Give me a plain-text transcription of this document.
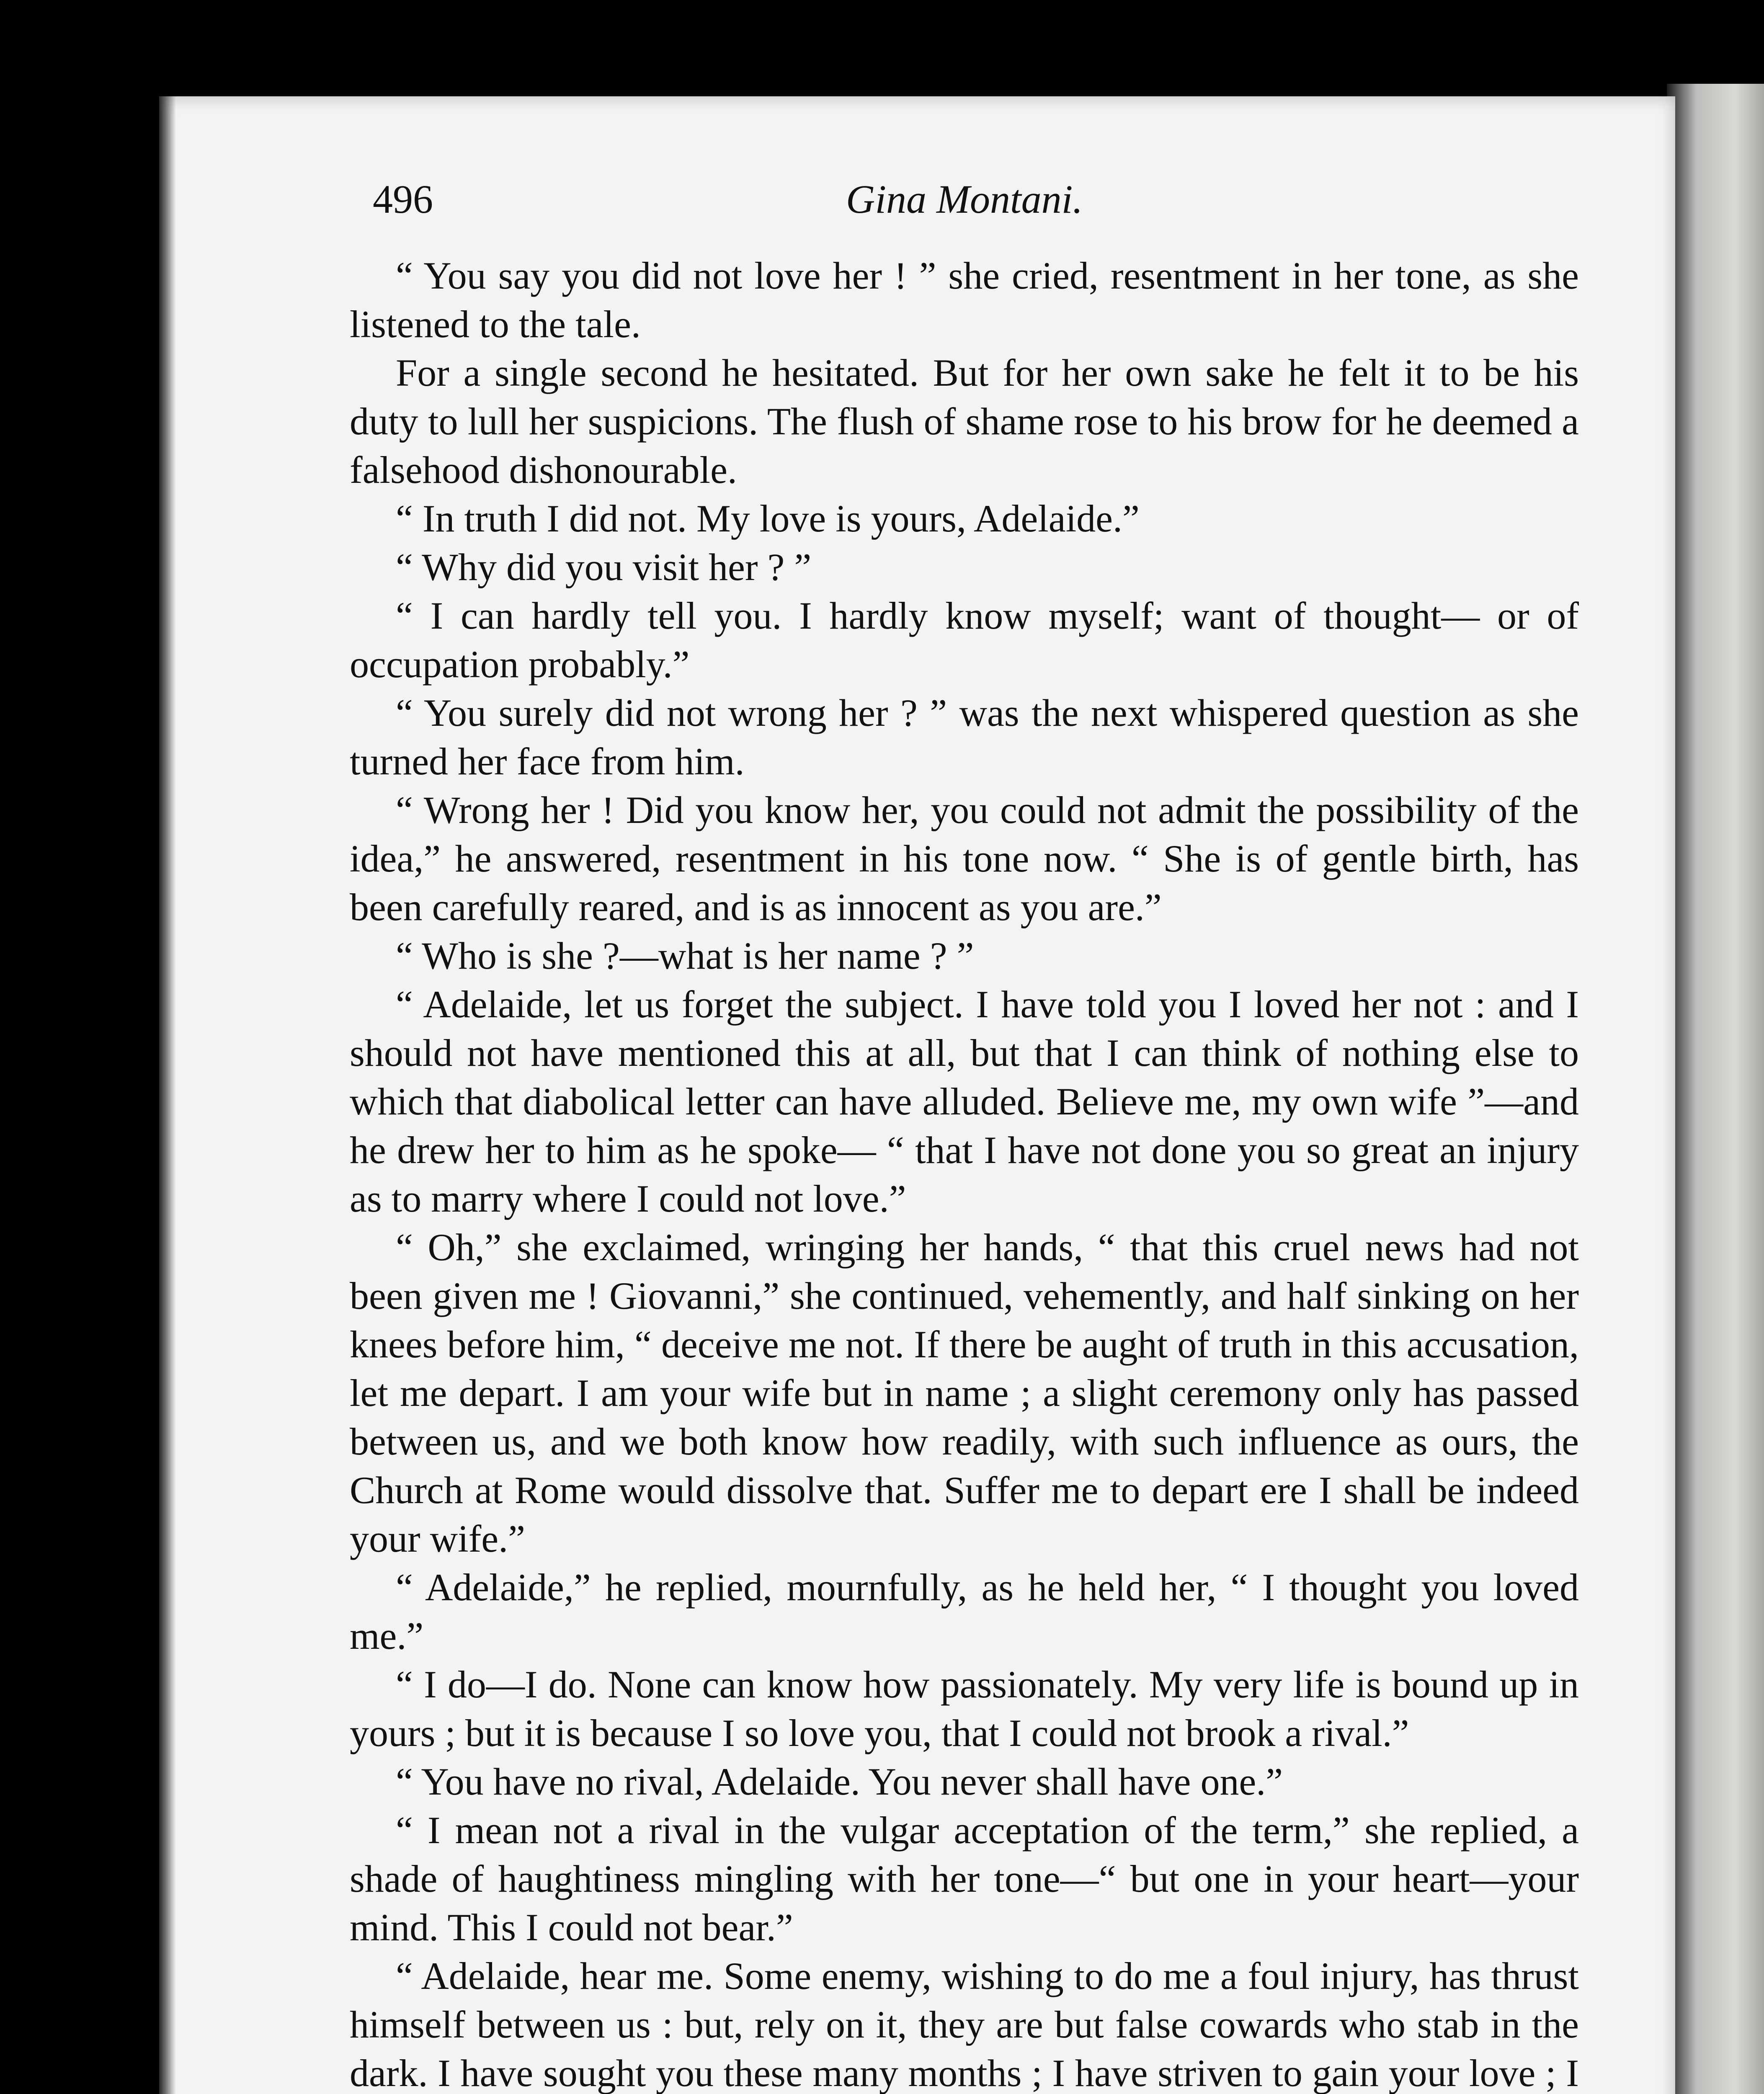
496	Gina Montani.

“ You say you did not love her ! ” she cried, resentment in her tone, as she listened to the tale.

For a single second he hesitated. But for her own sake he felt it to be his duty to lull her suspicions. The flush of shame rose to his brow for he deemed a falsehood dishonourable.

“ In truth I did not. My love is yours, Adelaide.”

“ Why did you visit her ? ”

“ I can hardly tell you. I hardly know myself; want of thought— or of occupation probably.”

“ You surely did not wrong her ? ” was the next whispered question as she turned her face from him.

“ Wrong her ! Did you know her, you could not admit the possibility of the idea,” he answered, resentment in his tone now. “ She is of gentle birth, has been carefully reared, and is as innocent as you are.”

“ Who is she ?—what is her name ? ”

“ Adelaide, let us forget the subject. I have told you I loved her not : and I should not have mentioned this at all, but that I can think of nothing else to which that diabolical letter can have alluded. Believe me, my own wife ”—and he drew her to him as he spoke— “ that I have not done you so great an injury as to marry where I could not love.”

“ Oh,” she exclaimed, wringing her hands, “ that this cruel news had not been given me ! Giovanni,” she continued, vehemently, and half sinking on her knees before him, “ deceive me not. If there be aught of truth in this accusation, let me depart. I am your wife but in name ; a slight ceremony only has passed between us, and we both know how readily, with such influence as ours, the Church at Rome would dissolve that. Suffer me to depart ere I shall be indeed your wife.”

“ Adelaide,” he replied, mournfully, as he held her, “ I thought you loved me.”

“ I do—I do. None can know how passionately. My very life is bound up in yours ; but it is because I so love you, that I could not brook a rival.”

“ You have no rival, Adelaide. You never shall have one.”

“ I mean not a rival in the vulgar acceptation of the term,” she replied, a shade of haughtiness mingling with her tone—“ but one in your heart—your mind. This I could not bear.”

“ Adelaide, hear me. Some enemy, wishing to do me a foul injury, has thrust himself between us : but, rely on it, they are but false cowards who stab in the dark. I have sought you these many months ; I have striven to gain your love ; I
